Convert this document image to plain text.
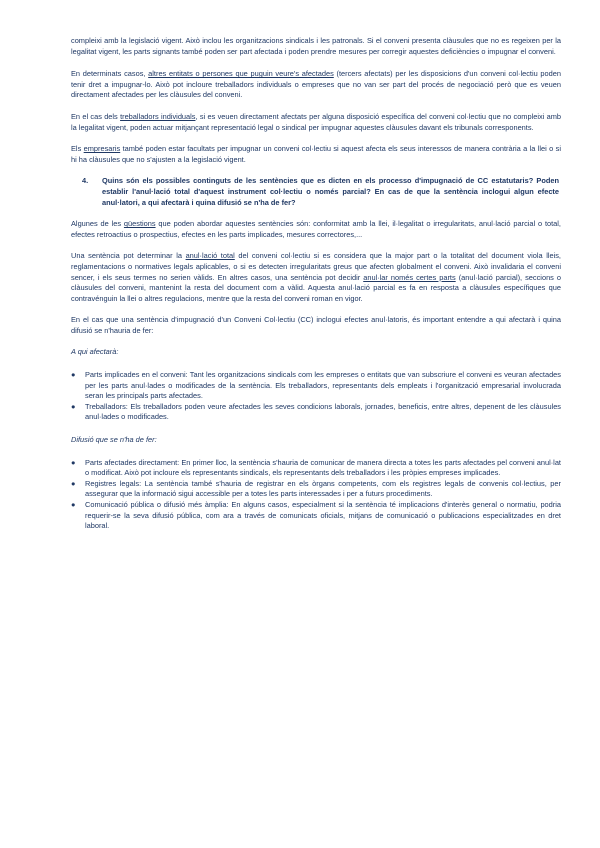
compleixi amb la legislació vigent. Això inclou les organitzacions sindicals i les patronals. Si el conveni presenta clàusules que no es regeixen per la legalitat vigent, les parts signants també poden ser part afectada i poden prendre mesures per corregir aquestes deficiències o impugnar el conveni.

En determinats casos, altres entitats o persones que puguin veure's afectades (tercers afectats) per les disposicions d'un conveni col·lectiu poden tenir dret a impugnar-lo. Això pot incloure treballadors individuals o empreses que no van ser part del procés de negociació però que es veuen directament afectades per les clàusules del conveni.

En el cas dels treballadors individuals, si es veuen directament afectats per alguna disposició específica del conveni col·lectiu que no compleixi amb la legalitat vigent, poden actuar mitjançant representació legal o sindical per impugnar aquestes clàusules davant els tribunals corresponents.

Els empresaris també poden estar facultats per impugnar un conveni col·lectiu si aquest afecta els seus interessos de manera contrària a la llei o si hi ha clàusules que no s'ajusten a la legislació vigent.

4.	Quins són els possibles continguts de les sentències que es dicten en els processo d'impugnació de CC estatutaris? Poden establir l'anul·lació total d'aquest instrument col·lectiu o només parcial? En cas de que la sentència inclogui algun efecte anul·latori, a qui afectarà i quina difusió se n'ha de fer?

Algunes de les qüestions que poden abordar aquestes sentències són: conformitat amb la llei, il·legalitat o irregularitats, anul·lació parcial o total, efectes retroactius o prospectius, efectes en les parts implicades, mesures correctores,...

Una sentència pot determinar la anul·lació total del conveni col·lectiu si es considera que la major part o la totalitat del document viola lleis, reglamentacions o normatives legals aplicables, o si es detecten irregularitats greus que afecten globalment el conveni. Això invalidaria el conveni sencer, i els seus termes no serien vàlids. En altres casos, una sentència pot decidir anul·lar només certes parts (anul·lació parcial), seccions o clàusules del conveni, mantenint la resta del document com a vàlid. Aquesta anul·lació parcial es fa en resposta a clàusules específiques que contravénguin la llei o altres regulacions, mentre que la resta del conveni roman en vigor.

En el cas que una sentència d'impugnació d'un Conveni Col·lectiu (CC) inclogui efectes anul·latoris, és important entendre a qui afectarà i quina difusió se n'hauria de fer:

A qui afectarà:

●	Parts implicades en el conveni: Tant les organitzacions sindicals com les empreses o entitats que van subscriure el conveni es veuran afectades per les parts anul·lades o modificades de la sentència. Els treballadors, representants dels empleats i l'organització empresarial involucrada seran les principals parts afectades.
●	Treballadors: Els treballadors poden veure afectades les seves condicions laborals, jornades, beneficis, entre altres, depenent de les clàusules anul·lades o modificades.

Difusió que se n'ha de fer:

●	Parts afectades directament: En primer lloc, la sentència s'hauria de comunicar de manera directa a totes les parts afectades pel conveni anul·lat o modificat. Això pot incloure els representants sindicals, els representants dels treballadors i les pròpies empreses implicades.
●	Registres legals: La sentència també s'hauria de registrar en els òrgans competents, com els registres legals de convenis col·lectius, per assegurar que la informació sigui accessible per a totes les parts interessades i per a futurs procediments.
●	Comunicació pública o difusió més àmplia: En alguns casos, especialment si la sentència té implicacions d'interès general o normatiu, podria requerir-se la seva difusió pública, com ara a través de comunicats oficials, mitjans de comunicació o publicacions especialitzades en dret laboral.
